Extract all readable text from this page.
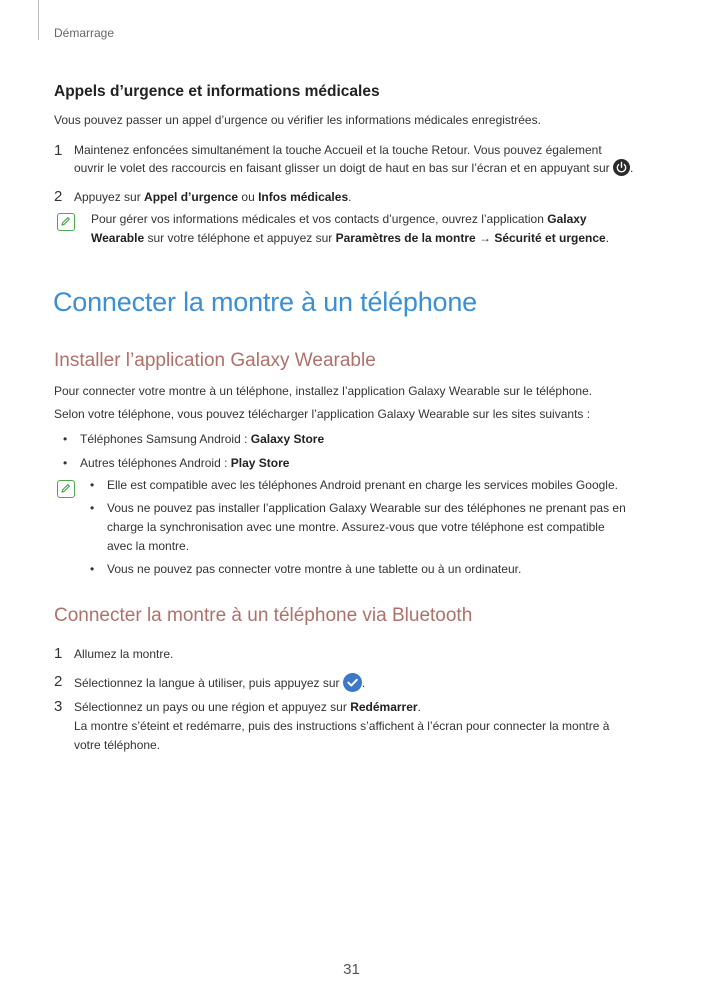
Démarrage
Appels d’urgence et informations médicales
Vous pouvez passer un appel d’urgence ou vérifier les informations médicales enregistrées.
1 Maintenez enfoncées simultanément la touche Accueil et la touche Retour. Vous pouvez également
ouvrir le volet des raccourcis en faisant glisser un doigt de haut en bas sur l’écran et en appuyant sur .
2 Appuyez sur Appel d’urgence ou Infos médicales.
Pour gérer vos informations médicales et vos contacts d’urgence, ouvrez l’application Galaxy
Wearable sur votre téléphone et appuyez sur Paramètres de la montre → Sécurité et urgence.
Connecter la montre à un téléphone
Installer l’application Galaxy Wearable
Pour connecter votre montre à un téléphone, installez l’application Galaxy Wearable sur le téléphone.
Selon votre téléphone, vous pouvez télécharger l’application Galaxy Wearable sur les sites suivants :
• Téléphones Samsung Android : Galaxy Store
• Autres téléphones Android : Play Store
• Elle est compatible avec les téléphones Android prenant en charge les services mobiles Google.
• Vous ne pouvez pas installer l’application Galaxy Wearable sur des téléphones ne prenant pas en
charge la synchronisation avec une montre. Assurez-vous que votre téléphone est compatible
avec la montre.
• Vous ne pouvez pas connecter votre montre à une tablette ou à un ordinateur.
Connecter la montre à un téléphone via Bluetooth
1 Allumez la montre.
2 Sélectionnez la langue à utiliser, puis appuyez sur .
3 Sélectionnez un pays ou une région et appuyez sur Redémarrer.
La montre s’éteint et redémarre, puis des instructions s’affichent à l’écran pour connecter la montre à
votre téléphone.
31
